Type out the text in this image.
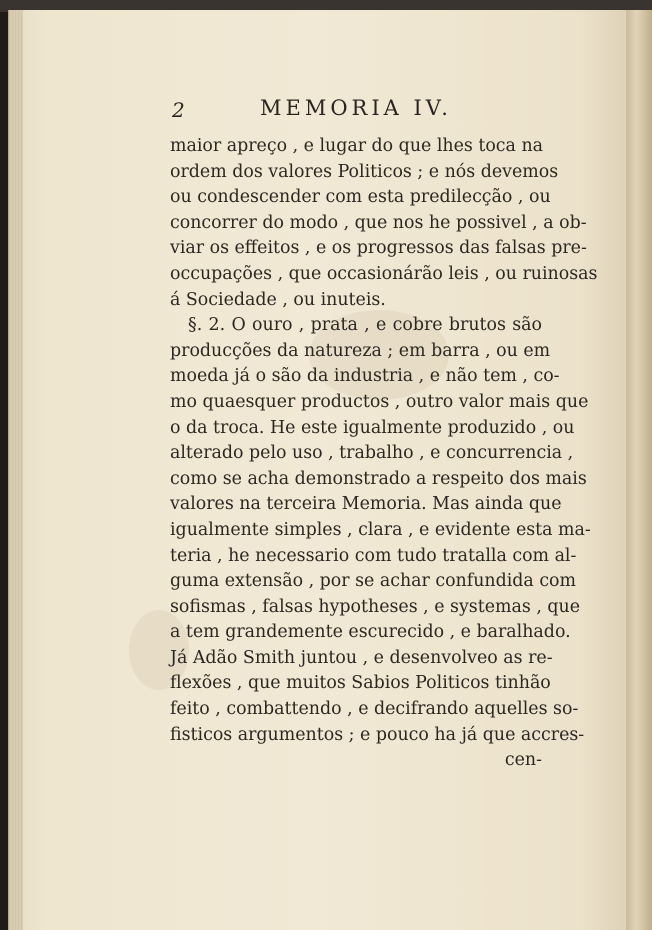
2	MEMORIA IV.
maior apreço , e lugar do que lhes toca na
ordem dos valores Politicos ; e nós devemos
ou condescender com esta predilecção , ou
concorrer do modo , que nos he possivel , a ob-
viar os effeitos , e os progressos das falsas pre-
occupações , que occasionárão leis , ou ruinosas
á Sociedade , ou inuteis.
§. 2. O ouro , prata , e cobre brutos são
producções da natureza ; em barra , ou em
moeda já o são da industria , e não tem , co-
mo quaesquer productos , outro valor mais que
o da troca. He este igualmente produzido , ou
alterado pelo uso , trabalho , e concurrencia ,
como se acha demonstrado a respeito dos mais
valores na terceira Memoria. Mas ainda que
igualmente simples , clara , e evidente esta ma-
teria , he necessario com tudo tratalla com al-
guma extensão , por se achar confundida com
sofismas , falsas hypotheses , e systemas , que
a tem grandemente escurecido , e baralhado.
Já Adão Smith juntou , e desenvolveo as re-
flexões , que muitos Sabios Politicos tinhão
feito , combattendo , e decifrando aquelles so-
fisticos argumentos ; e pouco ha já que accres-
cen-
